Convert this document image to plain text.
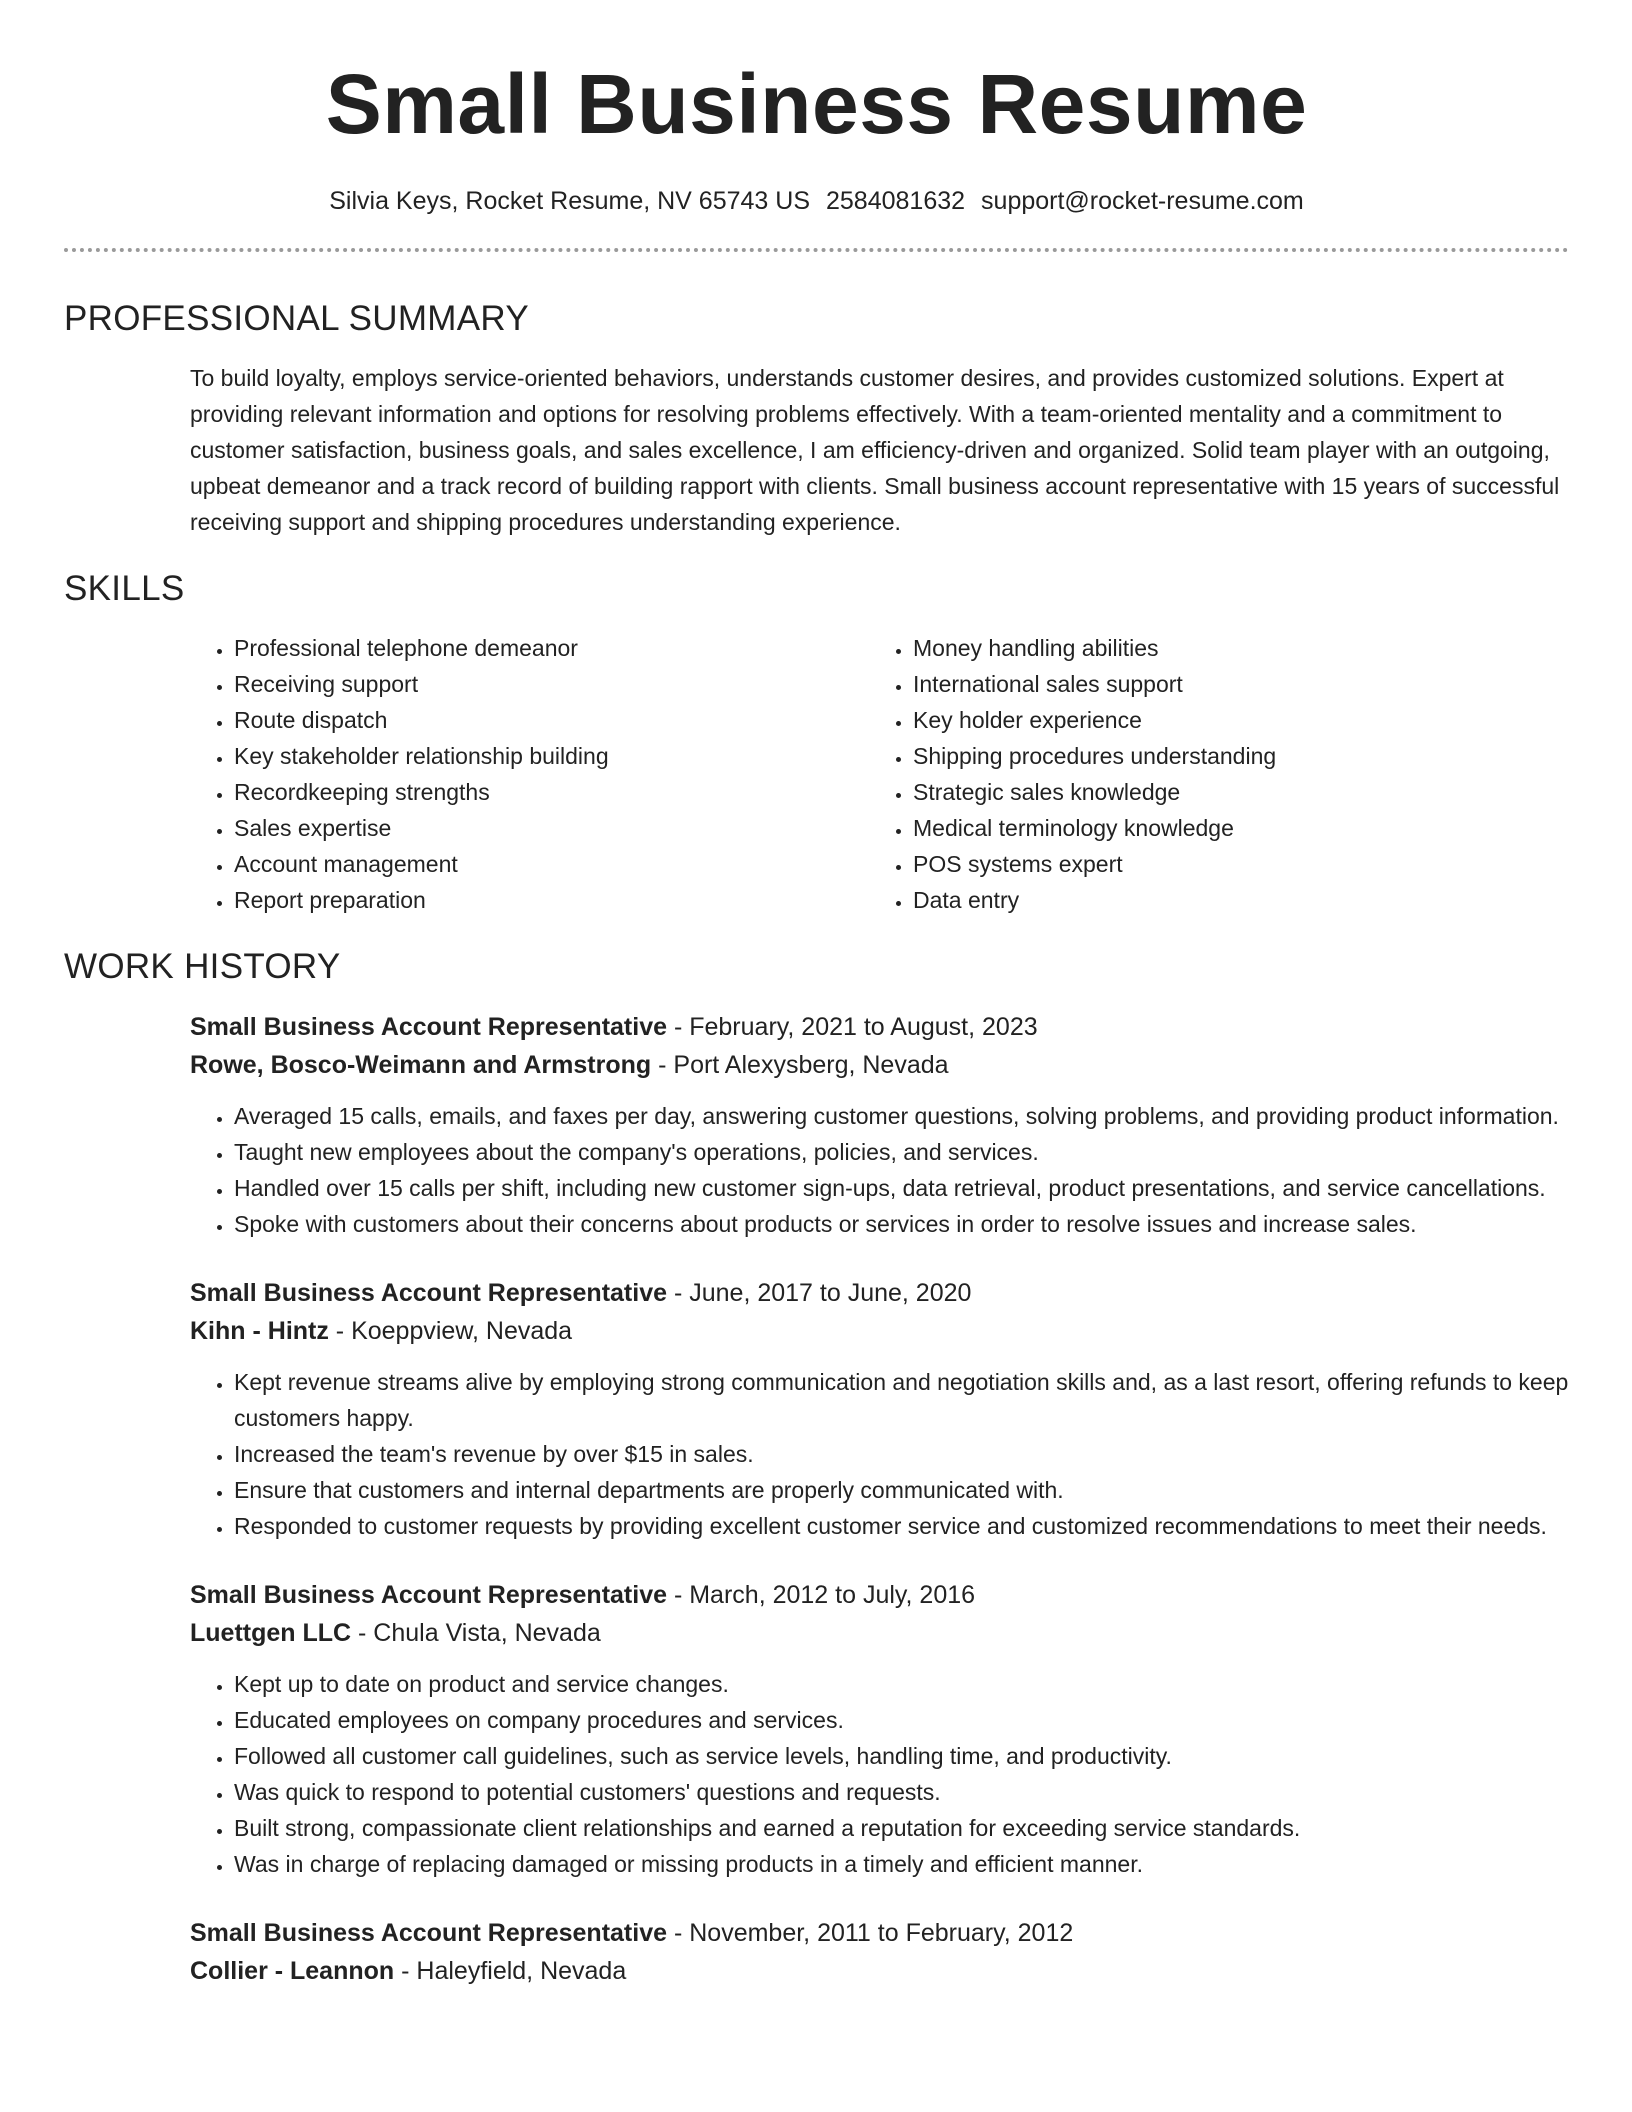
Small Business Resume
Silvia Keys, Rocket Resume, NV 65743 US 2584081632 support@rocket-resume.com
PROFESSIONAL SUMMARY
To build loyalty, employs service-oriented behaviors, understands customer desires, and provides customized solutions. Expert at providing relevant information and options for resolving problems effectively. With a team-oriented mentality and a commitment to customer satisfaction, business goals, and sales excellence, I am efficiency-driven and organized. Solid team player with an outgoing, upbeat demeanor and a track record of building rapport with clients. Small business account representative with 15 years of successful receiving support and shipping procedures understanding experience.
SKILLS
• Professional telephone demeanor
• Receiving support
• Route dispatch
• Key stakeholder relationship building
• Recordkeeping strengths
• Sales expertise
• Account management
• Report preparation
• Money handling abilities
• International sales support
• Key holder experience
• Shipping procedures understanding
• Strategic sales knowledge
• Medical terminology knowledge
• POS systems expert
• Data entry
WORK HISTORY
Small Business Account Representative - February, 2021 to August, 2023
Rowe, Bosco-Weimann and Armstrong - Port Alexysberg, Nevada
• Averaged 15 calls, emails, and faxes per day, answering customer questions, solving problems, and providing product information.
• Taught new employees about the company's operations, policies, and services.
• Handled over 15 calls per shift, including new customer sign-ups, data retrieval, product presentations, and service cancellations.
• Spoke with customers about their concerns about products or services in order to resolve issues and increase sales.
Small Business Account Representative - June, 2017 to June, 2020
Kihn - Hintz - Koeppview, Nevada
• Kept revenue streams alive by employing strong communication and negotiation skills and, as a last resort, offering refunds to keep customers happy.
• Increased the team's revenue by over $15 in sales.
• Ensure that customers and internal departments are properly communicated with.
• Responded to customer requests by providing excellent customer service and customized recommendations to meet their needs.
Small Business Account Representative - March, 2012 to July, 2016
Luettgen LLC - Chula Vista, Nevada
• Kept up to date on product and service changes.
• Educated employees on company procedures and services.
• Followed all customer call guidelines, such as service levels, handling time, and productivity.
• Was quick to respond to potential customers' questions and requests.
• Built strong, compassionate client relationships and earned a reputation for exceeding service standards.
• Was in charge of replacing damaged or missing products in a timely and efficient manner.
Small Business Account Representative - November, 2011 to February, 2012
Collier - Leannon - Haleyfield, Nevada
